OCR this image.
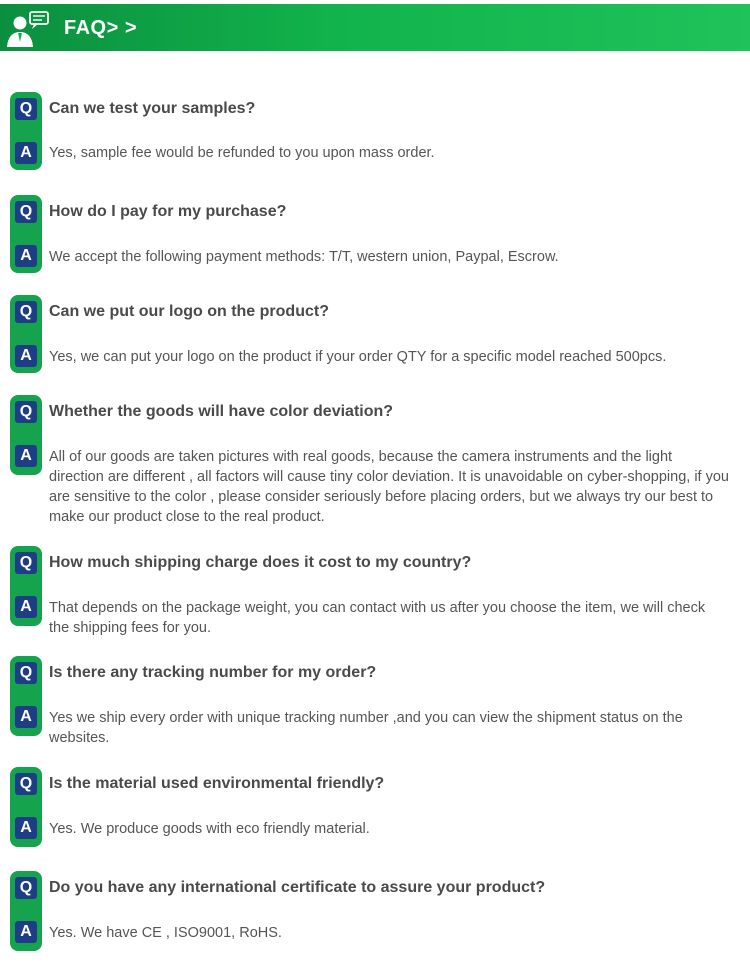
FAQ> >
Q
A
Can we test your samples?
Yes, sample fee would be refunded to you upon mass order.
Q
A
How do I pay for my purchase?
We accept the following payment methods: T/T, western union, Paypal, Escrow.
Q
A
Can we put our logo on the product?
Yes, we can put your logo on the product if your order QTY for a specific model reached 500pcs.
Q
A
Whether the goods will have color deviation?
All of our goods are taken pictures with real goods, because the camera instruments and the light direction are different , all factors will cause tiny color deviation. It is unavoidable on cyber-shopping, if you are sensitive to the color , please consider seriously before placing orders, but we always try our best to make our product close to the real product.
Q
A
How much shipping charge does it cost to my country?
That depends on the package weight, you can contact with us after you choose the item, we will check the shipping fees for you.
Q
A
Is there any tracking number for my order?
Yes we ship every order with unique tracking number ,and you can view the shipment status on the websites.
Q
A
Is the material used environmental friendly?
Yes. We produce goods with eco friendly material.
Q
A
Do you have any international certificate to assure your product?
Yes. We have CE , ISO9001, RoHS.
